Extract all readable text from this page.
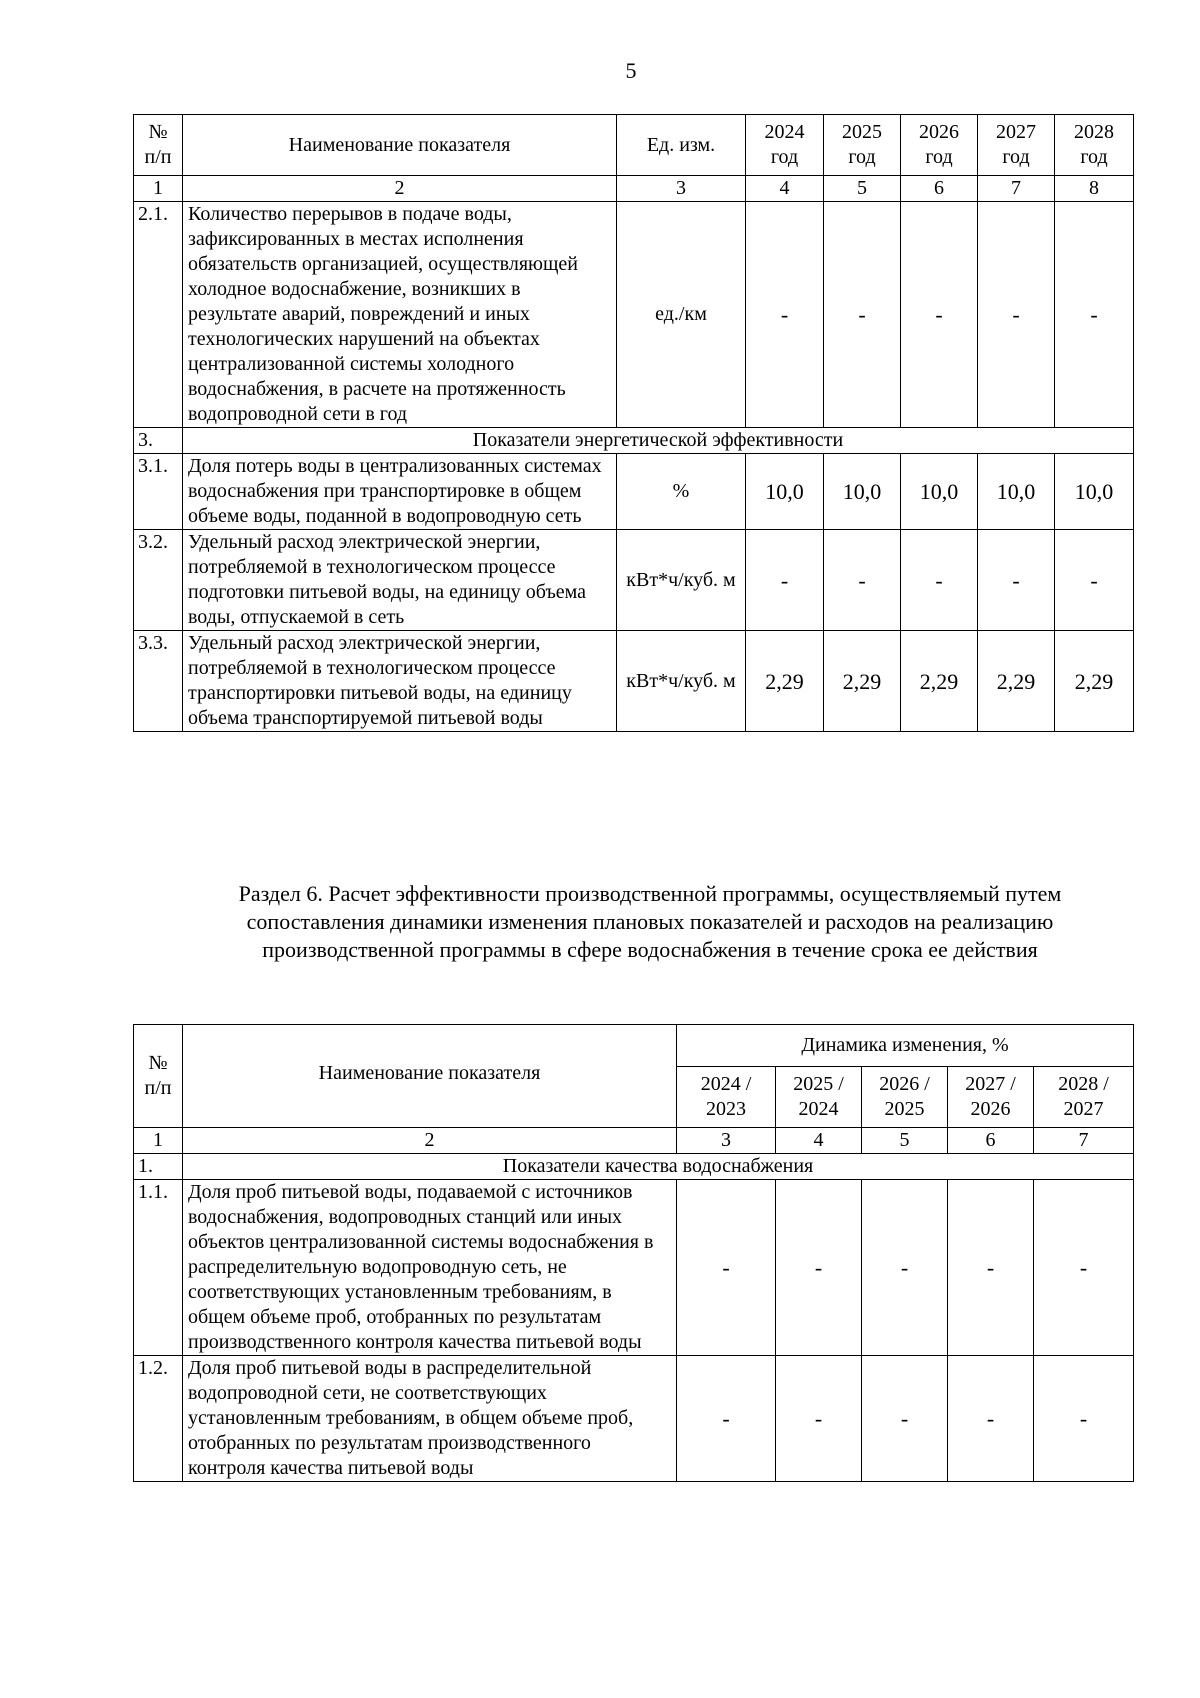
5
№ п/п	Наименование показателя	Ед. изм.	2024 год	2025 год	2026 год	2027 год	2028 год
1	2	3	4	5	6	7	8
2.1.	Количество перерывов в подаче воды, зафиксированных в местах исполнения обязательств организацией, осуществляющей холодное водоснабжение, возникших в результате аварий, повреждений и иных технологических нарушений на объектах централизованной системы холодного водоснабжения, в расчете на протяженность водопроводной сети в год	ед./км	-	-	-	-	-
3.	Показатели энергетической эффективности						
3.1.	Доля потерь воды в централизованных системах водоснабжения при транспортировке в общем объеме воды, поданной в водопроводную сеть	%	10,0	10,0	10,0	10,0	10,0
3.2.	Удельный расход электрической энергии, потребляемой в технологическом процессе подготовки питьевой воды, на единицу объема воды, отпускаемой в сеть	кВт*ч/куб. м	-	-	-	-	-
3.3.	Удельный расход электрической энергии, потребляемой в технологическом процессе транспортировки питьевой воды, на единицу объема транспортируемой питьевой воды	кВт*ч/куб. м	2,29	2,29	2,29	2,29	2,29
Раздел 6. Расчет эффективности производственной программы, осуществляемый путем сопоставления динамики изменения плановых показателей и расходов на реализацию производственной программы в сфере водоснабжения в течение срока ее действия
№ п/п	Наименование показателя	Динамика изменения, %				
		2024 / 2023	2025 / 2024	2026 / 2025	2027 / 2026	2028 / 2027
1	2	3	4	5	6	7
1.	Показатели качества водоснабжения					
1.1.	Доля проб питьевой воды, подаваемой с источников водоснабжения, водопроводных станций или иных объектов централизованной системы водоснабжения в распределительную водопроводную сеть, не соответствующих установленным требованиям, в общем объеме проб, отобранных по результатам производственного контроля качества питьевой воды	-	-	-	-	-
1.2.	Доля проб питьевой воды в распределительной водопроводной сети, не соответствующих установленным требованиям, в общем объеме проб, отобранных по результатам производственного контроля качества питьевой воды	-	-	-	-	-
